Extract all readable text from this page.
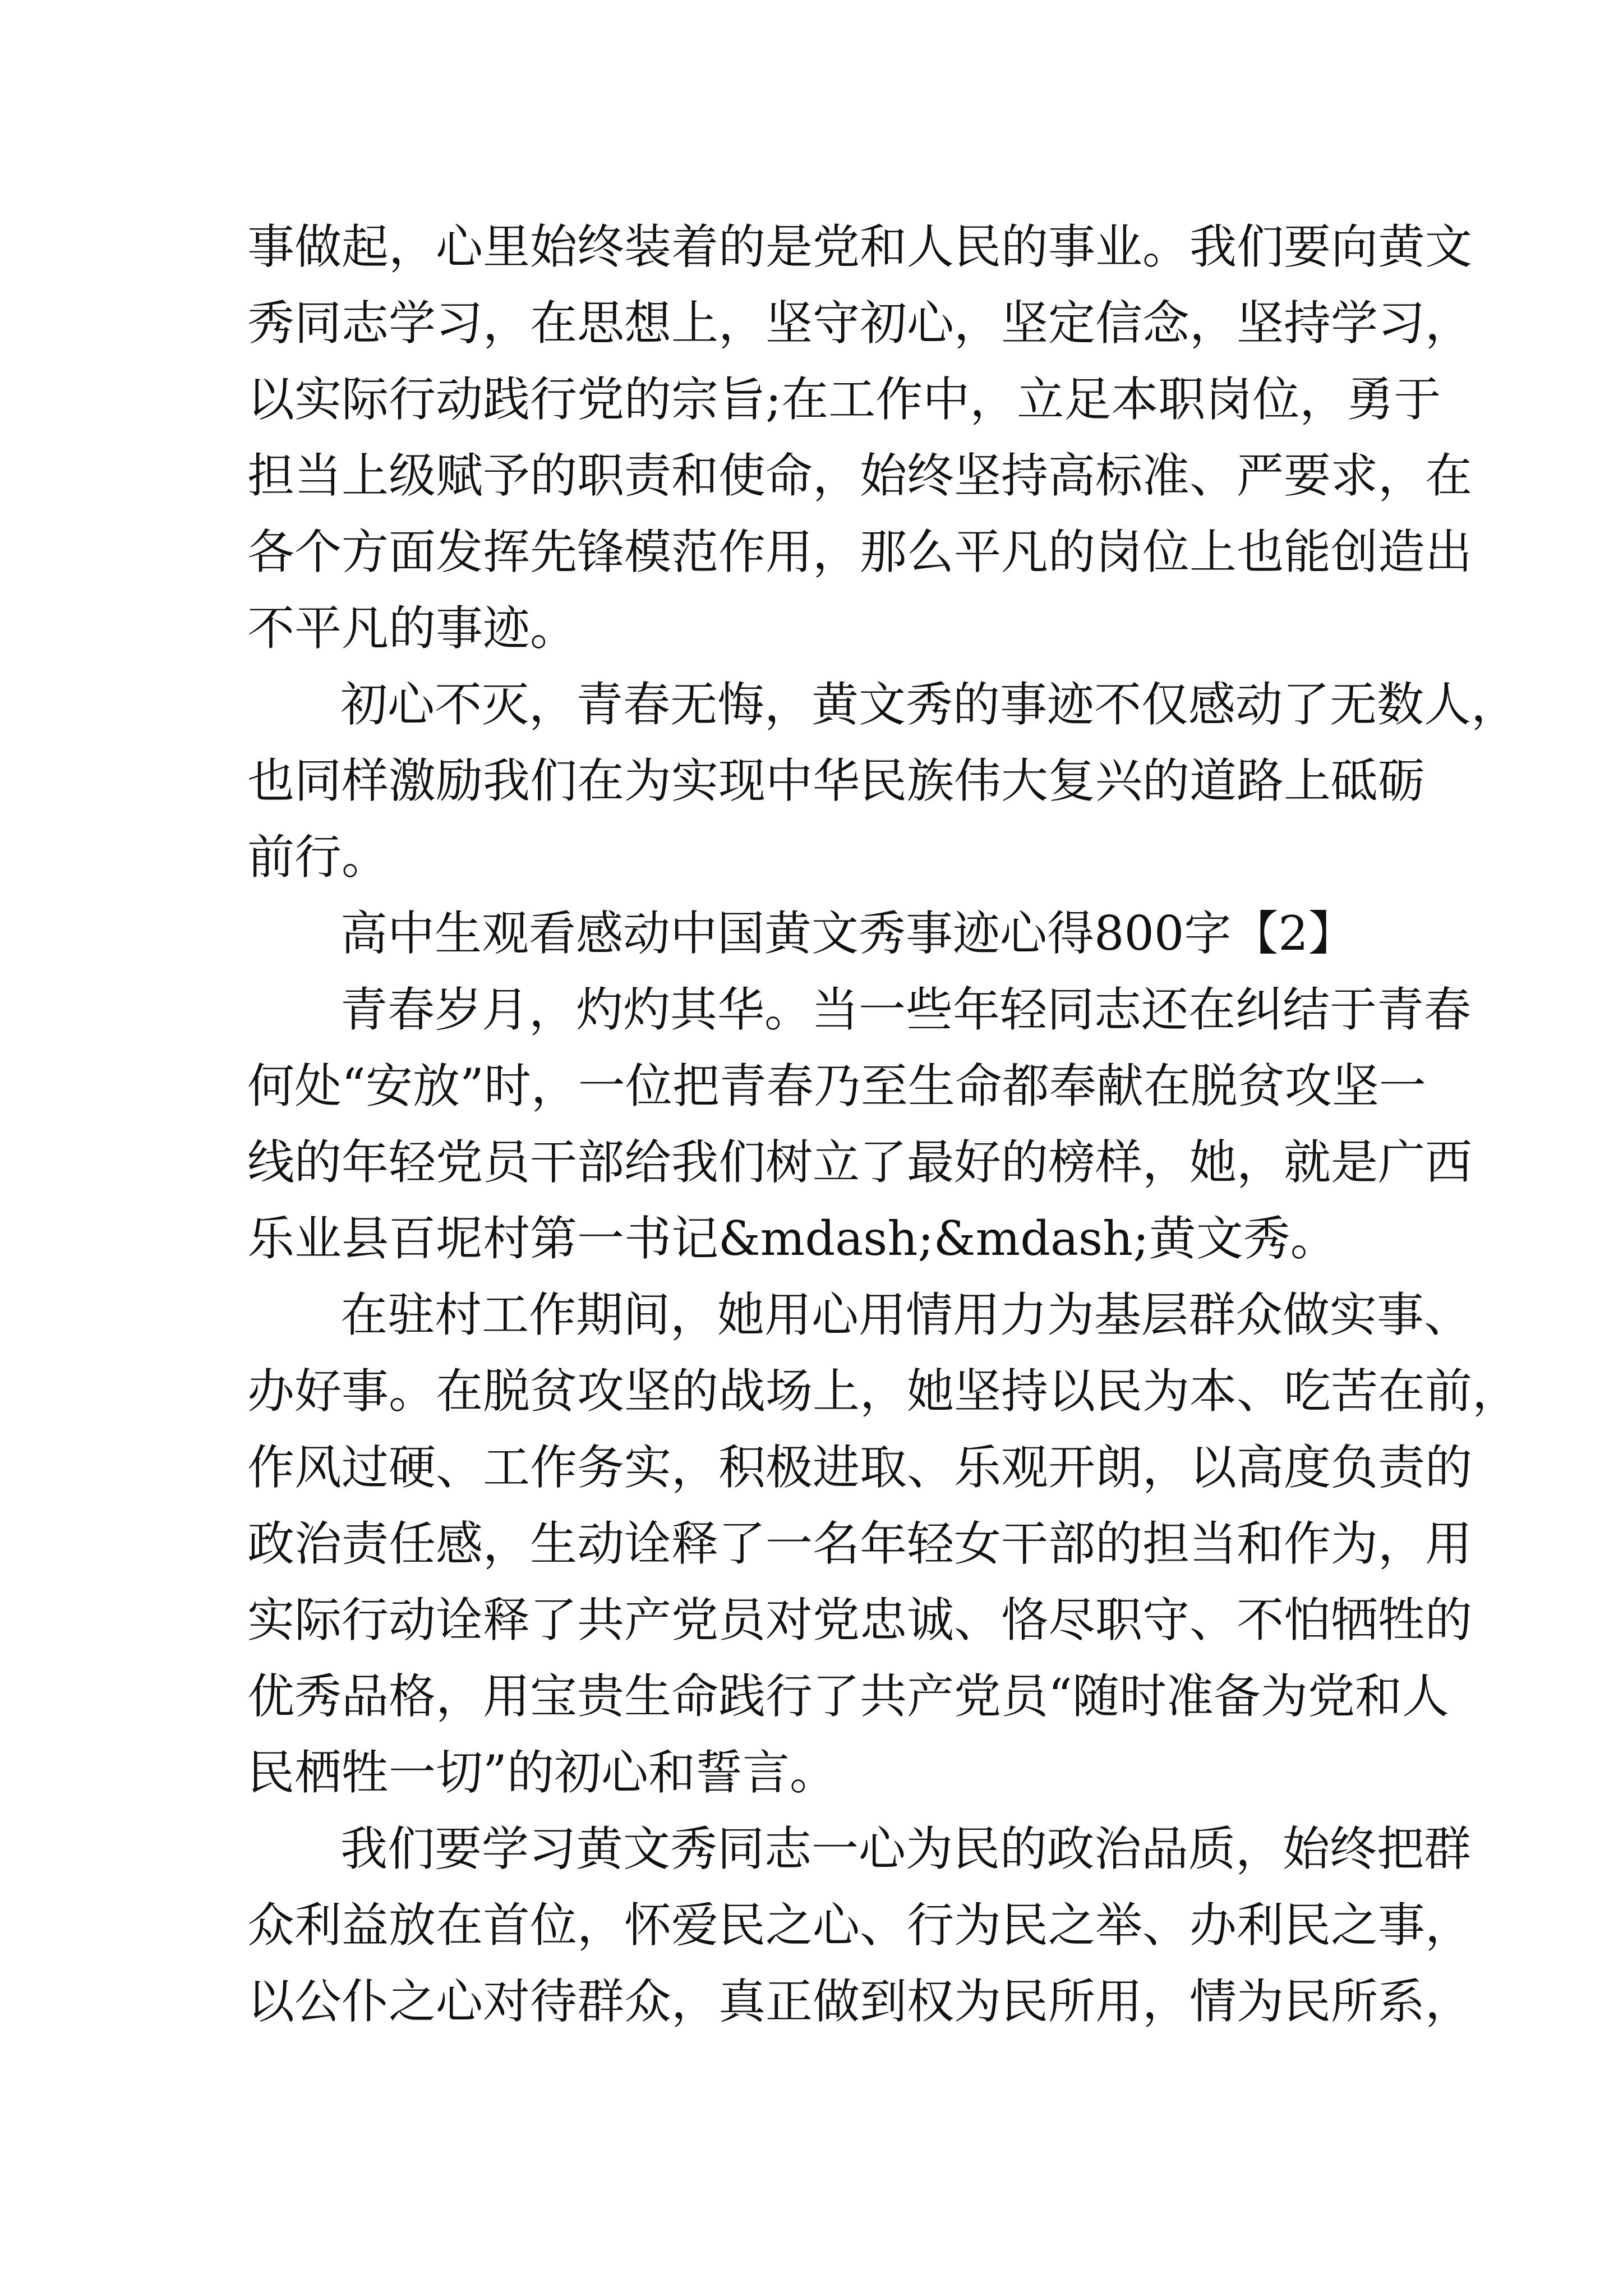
事做起，心里始终装着的是党和人民的事业。我们要向黄文
秀同志学习，在思想上，坚守初心，坚定信念，坚持学习，
以实际行动践行党的宗旨;在工作中，立足本职岗位，勇于
担当上级赋予的职责和使命，始终坚持高标准、严要求，在
各个方面发挥先锋模范作用，那么平凡的岗位上也能创造出
不平凡的事迹。
初心不灭，青春无悔，黄文秀的事迹不仅感动了无数人，
也同样激励我们在为实现中华民族伟大复兴的道路上砥砺
前行。
高中生观看感动中国黄文秀事迹心得800字【2】
青春岁月，灼灼其华。当一些年轻同志还在纠结于青春
何处“安放”时，一位把青春乃至生命都奉献在脱贫攻坚一
线的年轻党员干部给我们树立了最好的榜样，她，就是广西
乐业县百坭村第一书记&mdash;&mdash;黄文秀。
在驻村工作期间，她用心用情用力为基层群众做实事、
办好事。在脱贫攻坚的战场上，她坚持以民为本、吃苦在前，
作风过硬、工作务实，积极进取、乐观开朗，以高度负责的
政治责任感，生动诠释了一名年轻女干部的担当和作为，用
实际行动诠释了共产党员对党忠诚、恪尽职守、不怕牺牲的
优秀品格，用宝贵生命践行了共产党员“随时准备为党和人
民栖牲一切”的初心和誓言。
我们要学习黄文秀同志一心为民的政治品质，始终把群
众利益放在首位，怀爱民之心、行为民之举、办利民之事，
以公仆之心对待群众，真正做到权为民所用，情为民所系，
